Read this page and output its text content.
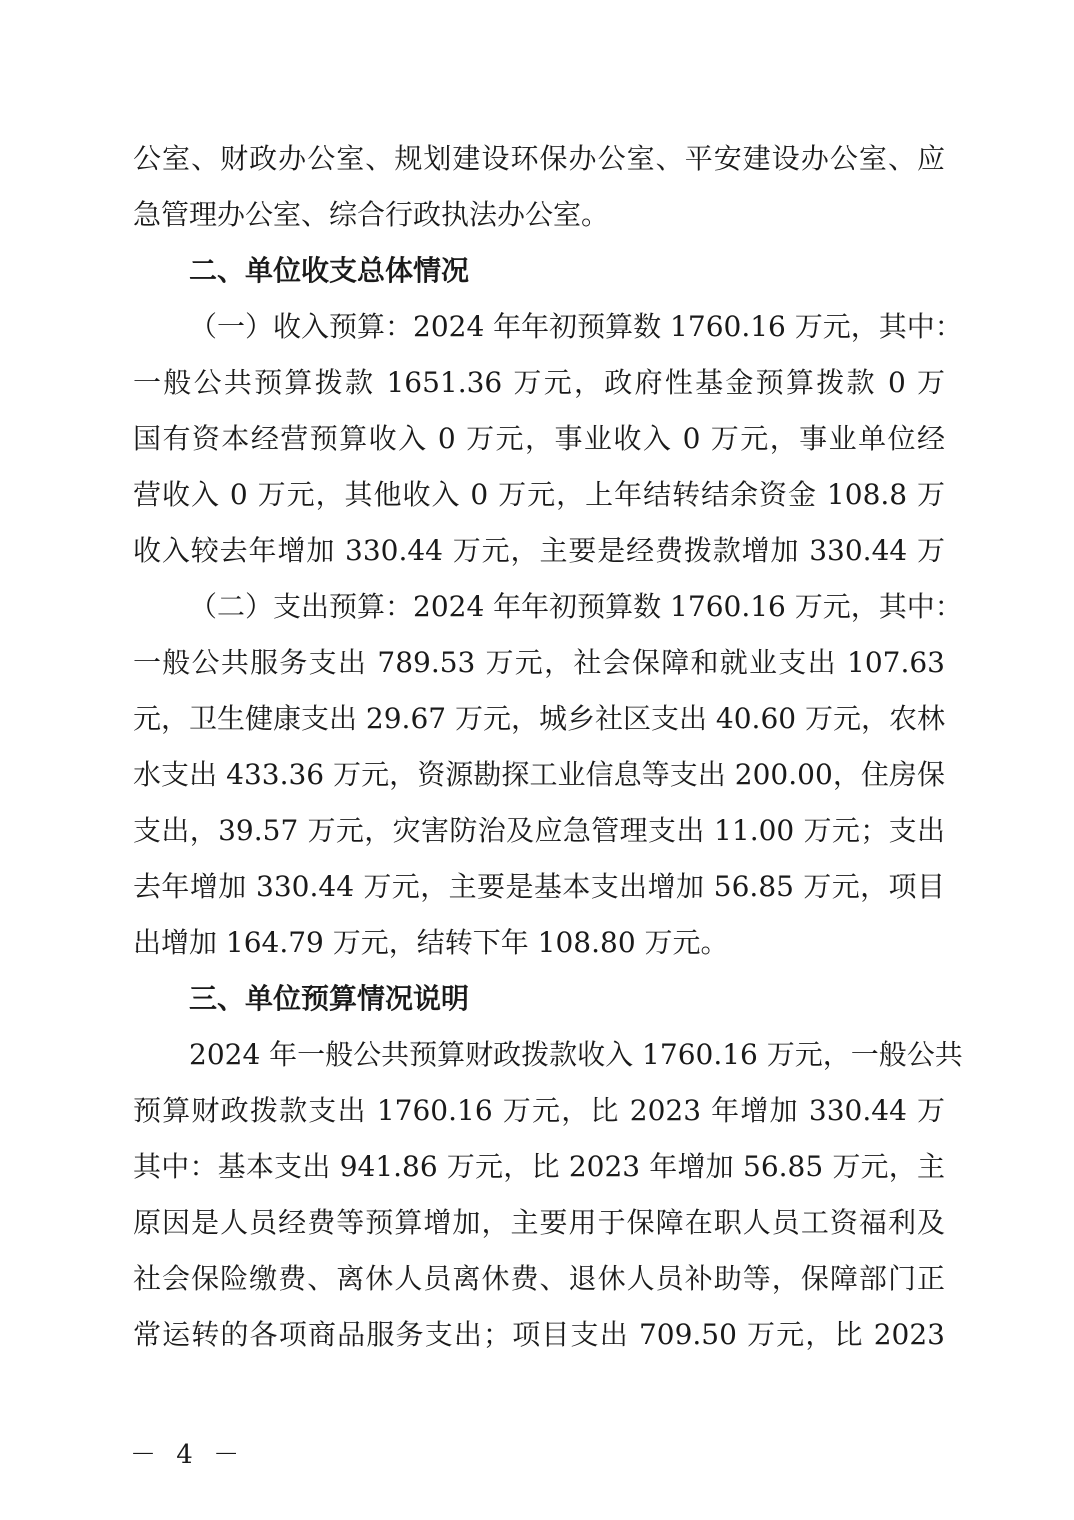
公室、财政办公室、规划建设环保办公室、平安建设办公室、应
急管理办公室、综合行政执法办公室。
二、单位收支总体情况
（一）收入预算：2024 年年初预算数 1760.16 万元，其中：
一般公共预算拨款 1651.36 万元，政府性基金预算拨款 0 万
国有资本经营预算收入 0 万元，事业收入 0 万元，事业单位经
营收入 0 万元，其他收入 0 万元，上年结转结余资金 108.8 万
收入较去年增加 330.44 万元，主要是经费拨款增加 330.44 万
（二）支出预算：2024 年年初预算数 1760.16 万元，其中：
一般公共服务支出 789.53 万元，社会保障和就业支出 107.63
元，卫生健康支出 29.67 万元，城乡社区支出 40.60 万元，农林
水支出 433.36 万元，资源勘探工业信息等支出 200.00，住房保
支出，39.57 万元，灾害防治及应急管理支出 11.00 万元；支出
去年增加 330.44 万元，主要是基本支出增加 56.85 万元，项目
出增加 164.79 万元，结转下年 108.80 万元。
三、单位预算情况说明
2024 年一般公共预算财政拨款收入 1760.16 万元，一般公共
预算财政拨款支出 1760.16 万元，比 2023 年增加 330.44 万
其中：基本支出 941.86 万元，比 2023 年增加 56.85 万元，主
原因是人员经费等预算增加，主要用于保障在职人员工资福利及
社会保险缴费、离休人员离休费、退休人员补助等，保障部门正
常运转的各项商品服务支出；项目支出 709.50 万元，比 2023
－ 4 －
